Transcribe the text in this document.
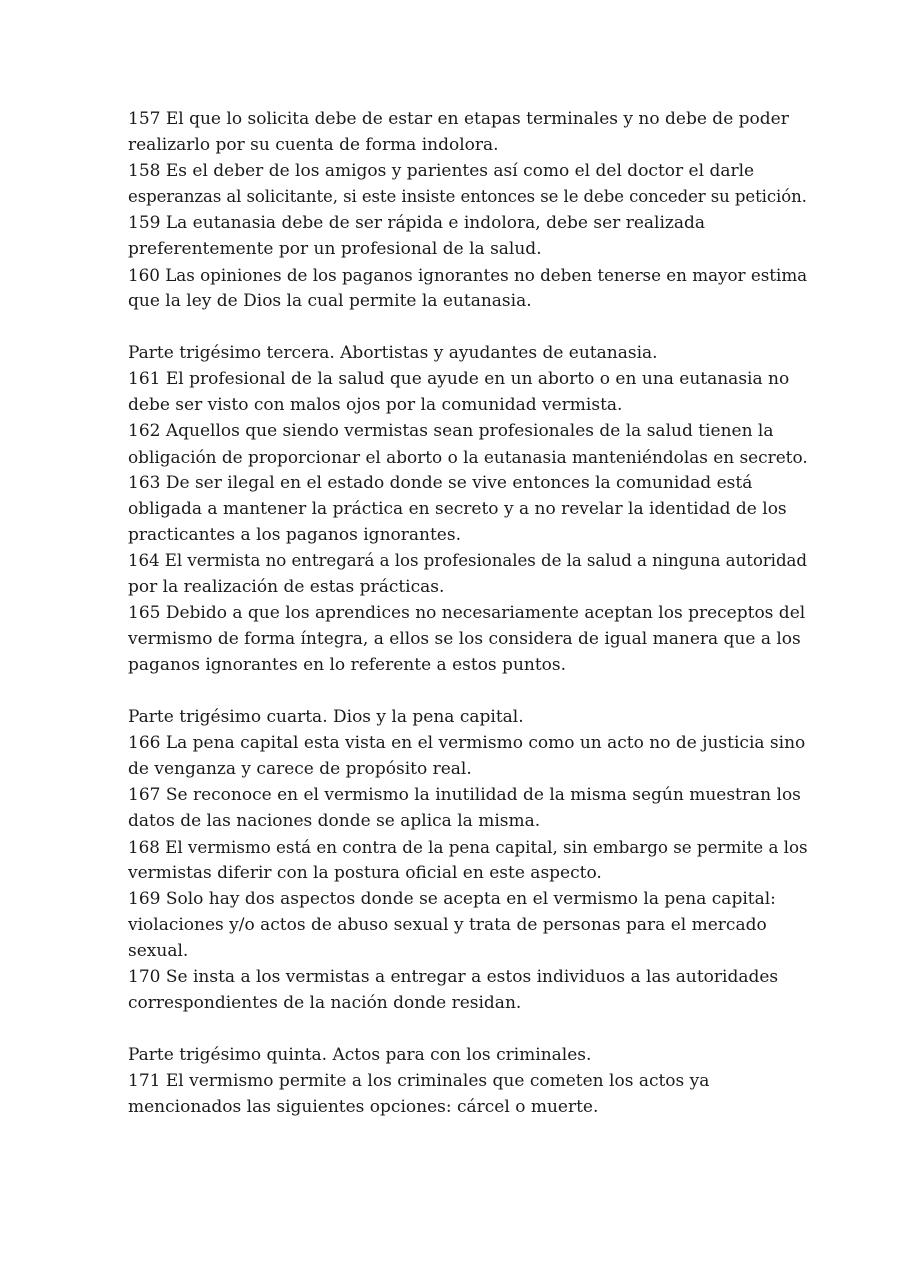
157 El que lo solicita debe de estar en etapas terminales y no debe de poder
realizarlo por su cuenta de forma indolora.
158 Es el deber de los amigos y parientes así como el del doctor el darle
esperanzas al solicitante, si este insiste entonces se le debe conceder su petición.
159 La eutanasia debe de ser rápida e indolora, debe ser realizada
preferentemente por un profesional de la salud.
160 Las opiniones de los paganos ignorantes no deben tenerse en mayor estima
que la ley de Dios la cual permite la eutanasia.
Parte trigésimo tercera. Abortistas y ayudantes de eutanasia.
161 El profesional de la salud que ayude en un aborto o en una eutanasia no
debe ser visto con malos ojos por la comunidad vermista.
162 Aquellos que siendo vermistas sean profesionales de la salud tienen la
obligación de proporcionar el aborto o la eutanasia manteniéndolas en secreto.
163 De ser ilegal en el estado donde se vive entonces la comunidad está
obligada a mantener la práctica en secreto y a no revelar la identidad de los
practicantes a los paganos ignorantes.
164 El vermista no entregará a los profesionales de la salud a ninguna autoridad
por la realización de estas prácticas.
165 Debido a que los aprendices no necesariamente aceptan los preceptos del
vermismo de forma íntegra, a ellos se los considera de igual manera que a los
paganos ignorantes en lo referente a estos puntos.
Parte trigésimo cuarta. Dios y la pena capital.
166 La pena capital esta vista en el vermismo como un acto no de justicia sino
de venganza y carece de propósito real.
167 Se reconoce en el vermismo la inutilidad de la misma según muestran los
datos de las naciones donde se aplica la misma.
168 El vermismo está en contra de la pena capital, sin embargo se permite a los
vermistas diferir con la postura oficial en este aspecto.
169 Solo hay dos aspectos donde se acepta en el vermismo la pena capital:
violaciones y/o actos de abuso sexual y trata de personas para el mercado
sexual.
170 Se insta a los vermistas a entregar a estos individuos a las autoridades
correspondientes de la nación donde residan.
Parte trigésimo quinta. Actos para con los criminales.
171 El vermismo permite a los criminales que cometen los actos ya
mencionados las siguientes opciones: cárcel o muerte.
